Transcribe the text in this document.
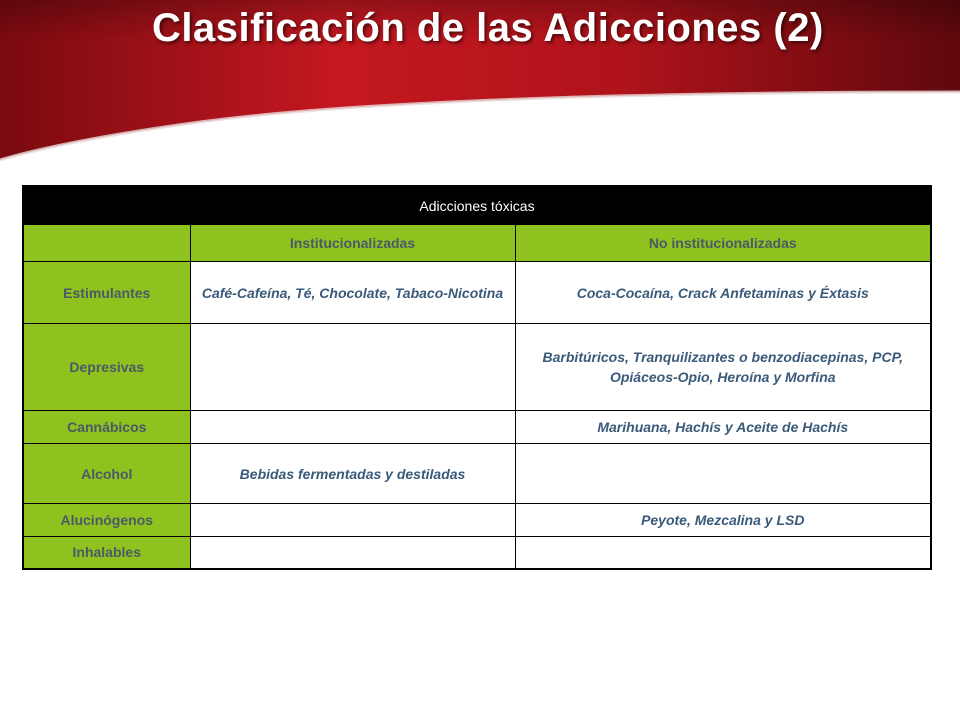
Clasificación de las Adicciones (2)
Adicciones tóxicas		
	Institucionalizadas	No institucionalizadas
Estimulantes	Café-Cafeína, Té, Chocolate, Tabaco-Nicotina	Coca-Cocaína, Crack Anfetaminas y Éxtasis
Depresivas		Barbitúricos, Tranquilizantes o benzodiacepinas, PCP, Opiáceos-Opio, Heroína y Morfina
Cannábicos		Marihuana, Hachís y Aceite de Hachís
Alcohol	Bebidas fermentadas y destiladas	
Alucinógenos		Peyote, Mezcalina y LSD
Inhalables		
